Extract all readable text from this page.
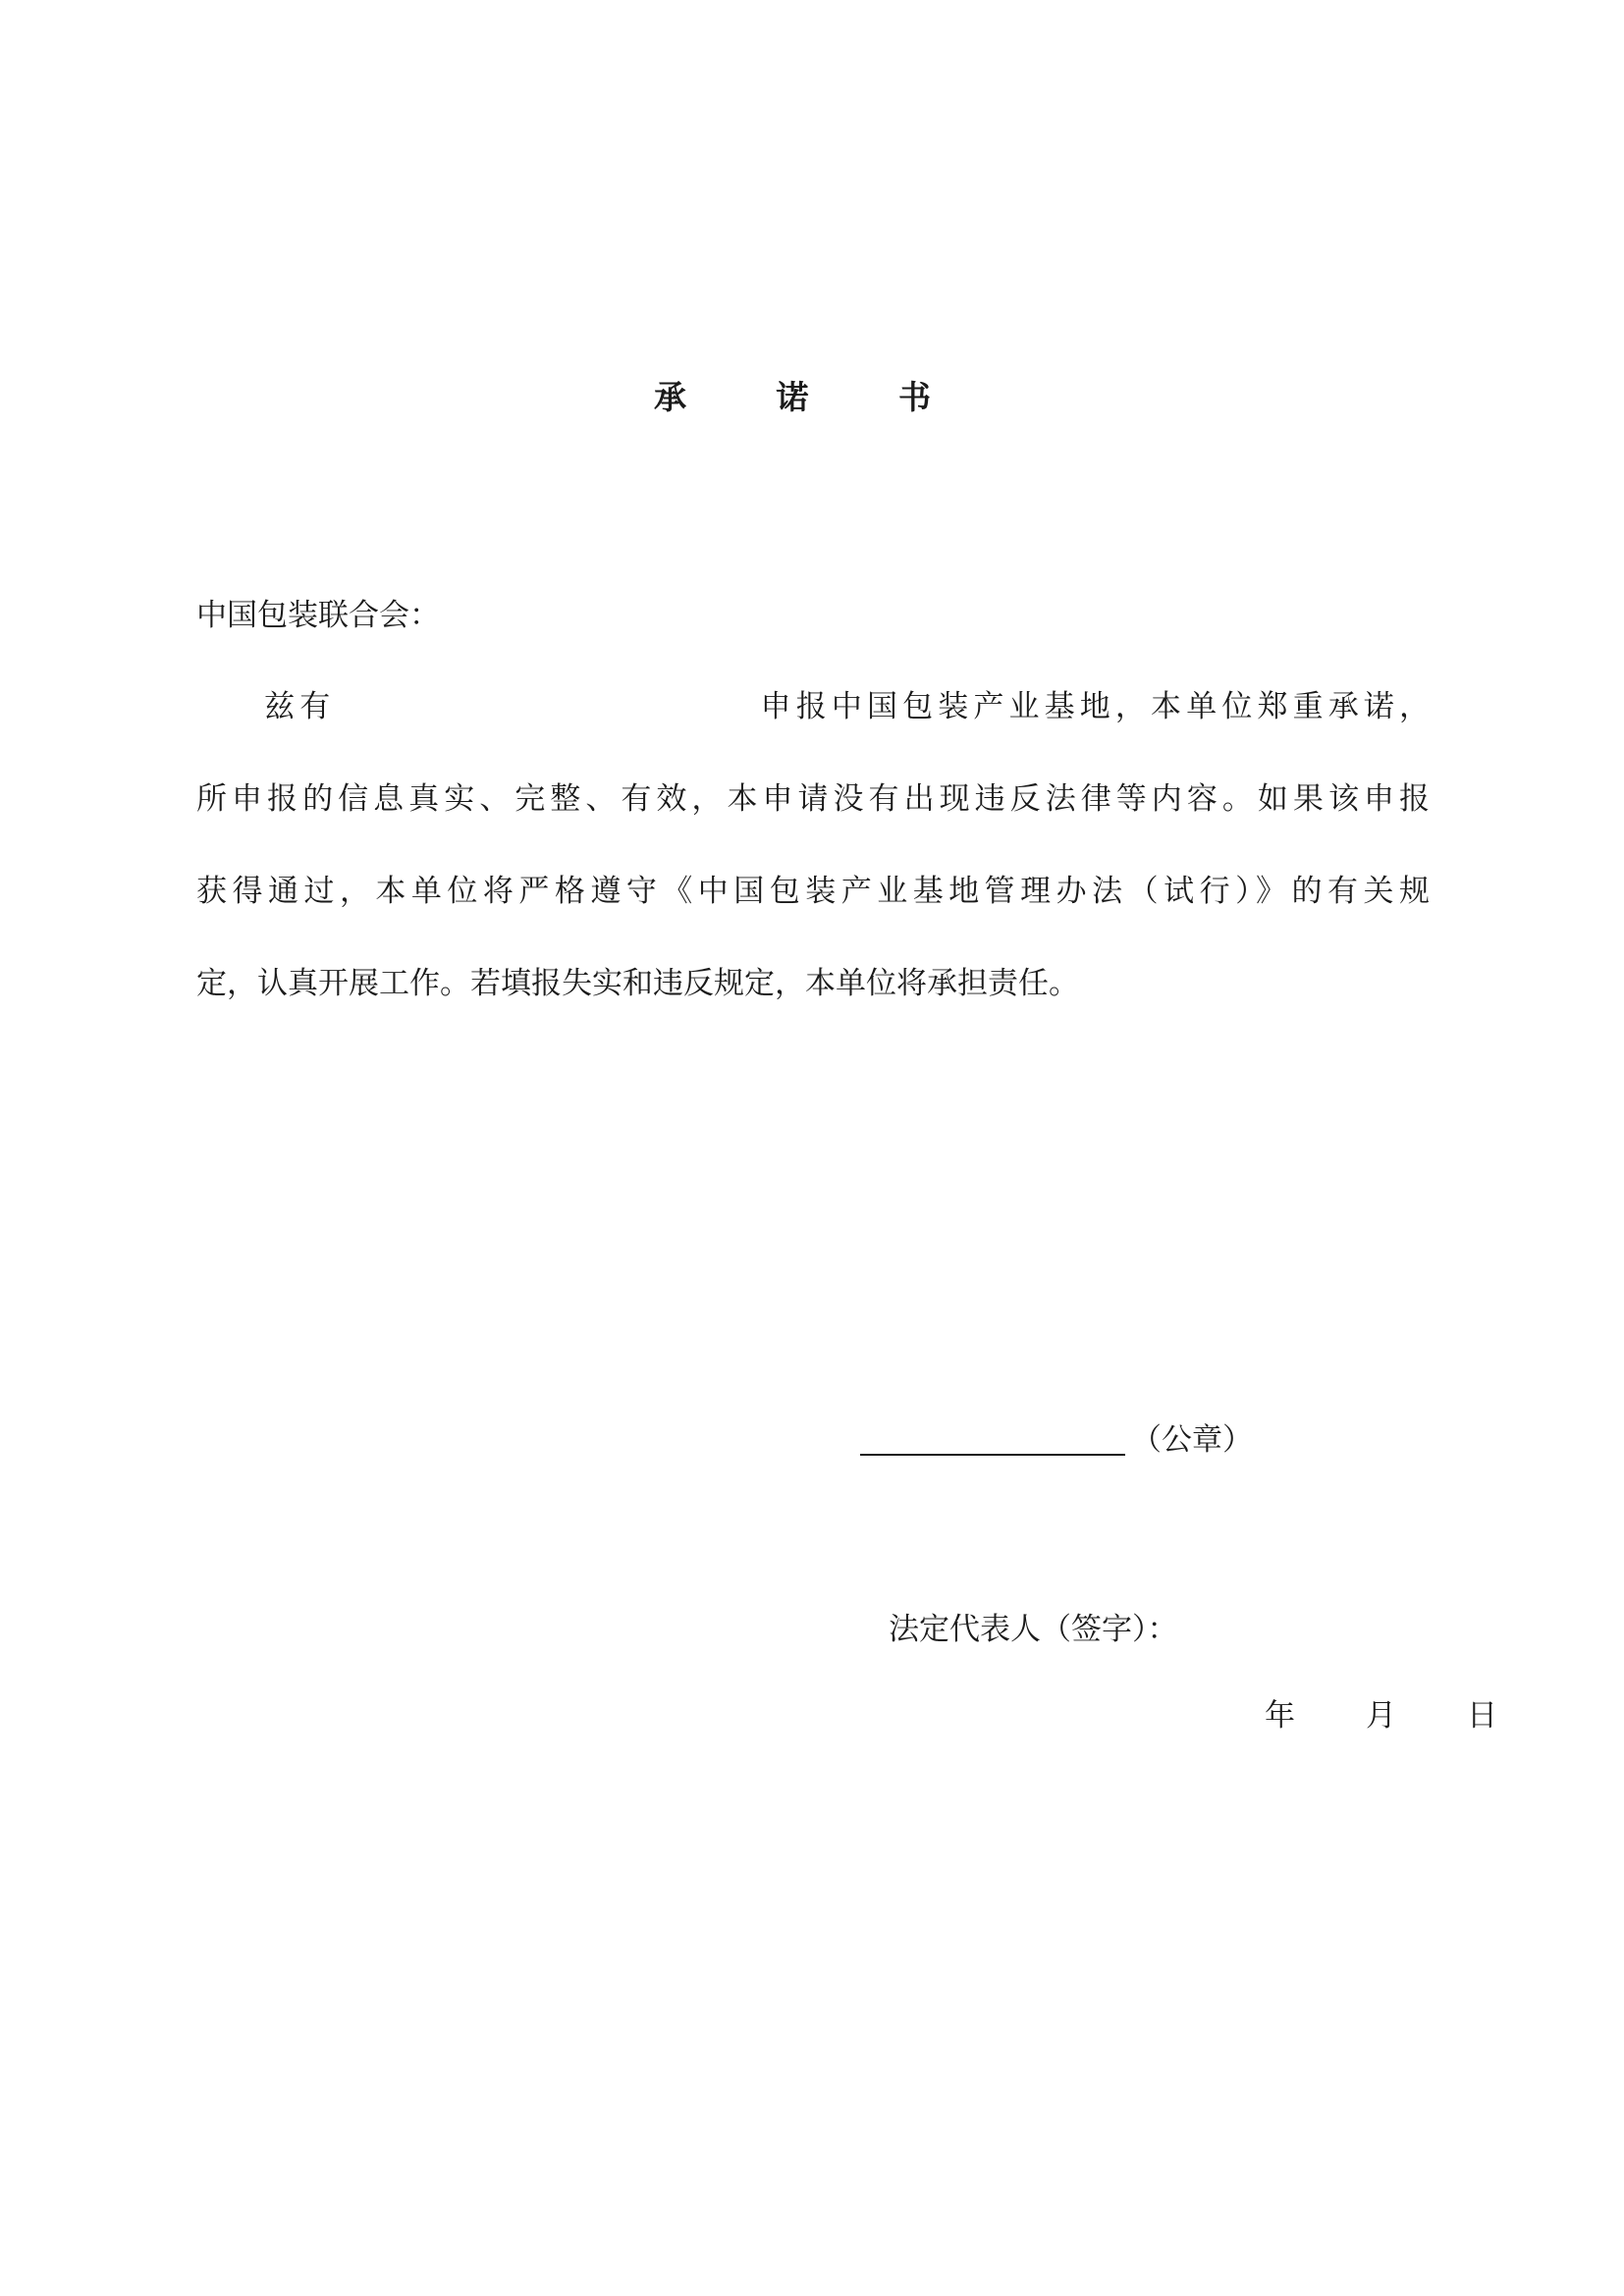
承 诺 书
中国包装联合会：
兹有	申报中国包装产业基地，本单位郑重承诺，
所申报的信息真实、完整、有效，本申请没有出现违反法律等内容。如果该申报
获得通过，本单位将严格遵守《中国包装产业基地管理办法（试行）》的有关规
定，认真开展工作。若填报失实和违反规定，本单位将承担责任。
（公章）
法定代表人（签字）：
年 月 日
